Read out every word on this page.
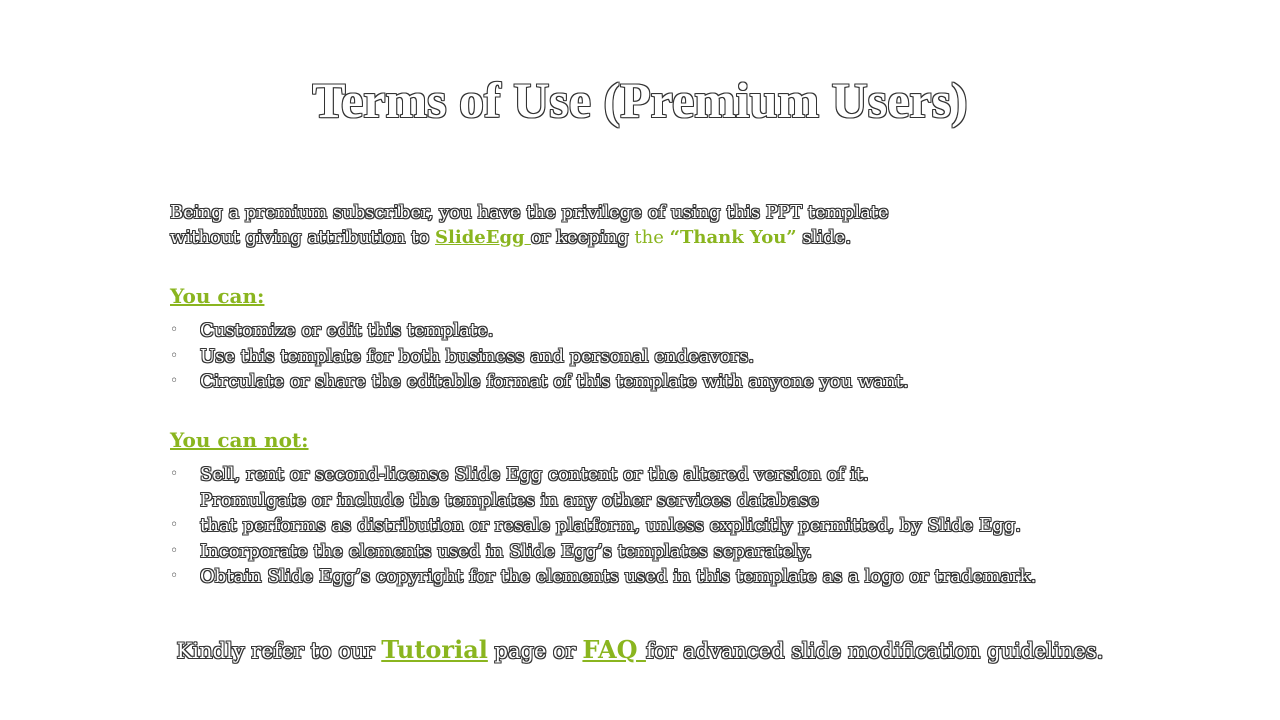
Terms of Use (Premium Users)
Being a premium subscriber, you have the privilege of using this PPT template
without giving attribution to SlideEgg or keeping the “Thank You” slide.
You can:
◦ Customize or edit this template.
◦ Use this template for both business and personal endeavors.
◦ Circulate or share the editable format of this template with anyone you want.
You can not:
◦ Sell, rent or second-license Slide Egg content or the altered version of it.
Promulgate or include the templates in any other services database
◦ that performs as distribution or resale platform, unless explicitly permitted, by Slide Egg.
◦ Incorporate the elements used in Slide Egg’s templates separately.
◦ Obtain Slide Egg’s copyright for the elements used in this template as a logo or trademark.
Kindly refer to our Tutorial page or FAQ for advanced slide modification guidelines.
